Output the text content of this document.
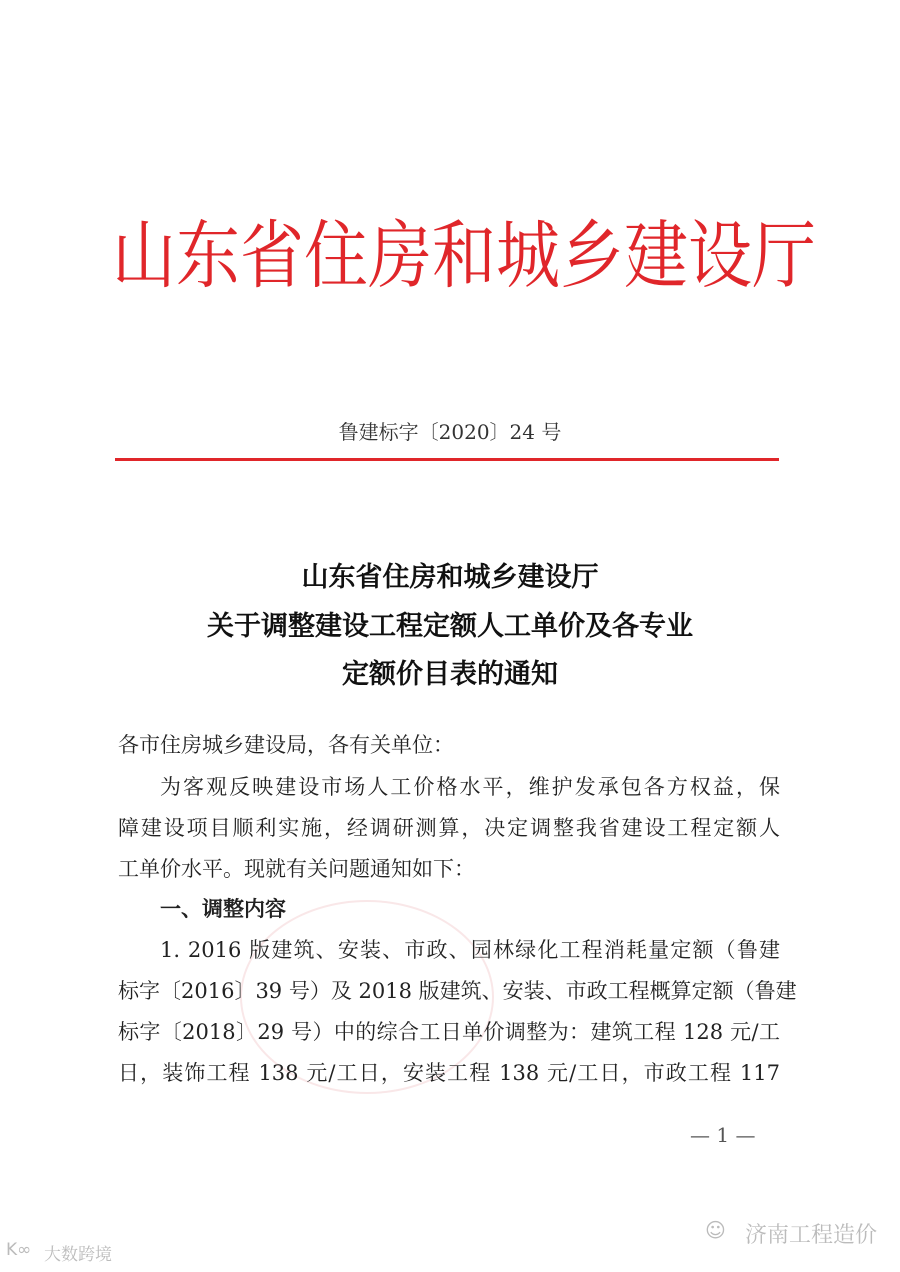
山东省住房和城乡建设厅
鲁建标字〔2020〕24 号
山东省住房和城乡建设厅
关于调整建设工程定额人工单价及各专业
定额价目表的通知
各市住房城乡建设局，各有关单位：
为客观反映建设市场人工价格水平，维护发承包各方权益，保
障建设项目顺利实施，经调研测算，决定调整我省建设工程定额人
工单价水平。现就有关问题通知如下：
一、调整内容
1. 2016 版建筑、安装、市政、园林绿化工程消耗量定额（鲁建
标字〔2016〕39 号）及 2018 版建筑、安装、市政工程概算定额（鲁建
标字〔2018〕29 号）中的综合工日单价调整为：建筑工程 128 元/工
日，装饰工程 138 元/工日，安装工程 138 元/工日，市政工程 117
— 1 —
济南工程造价
☺
大数跨境
K∞
